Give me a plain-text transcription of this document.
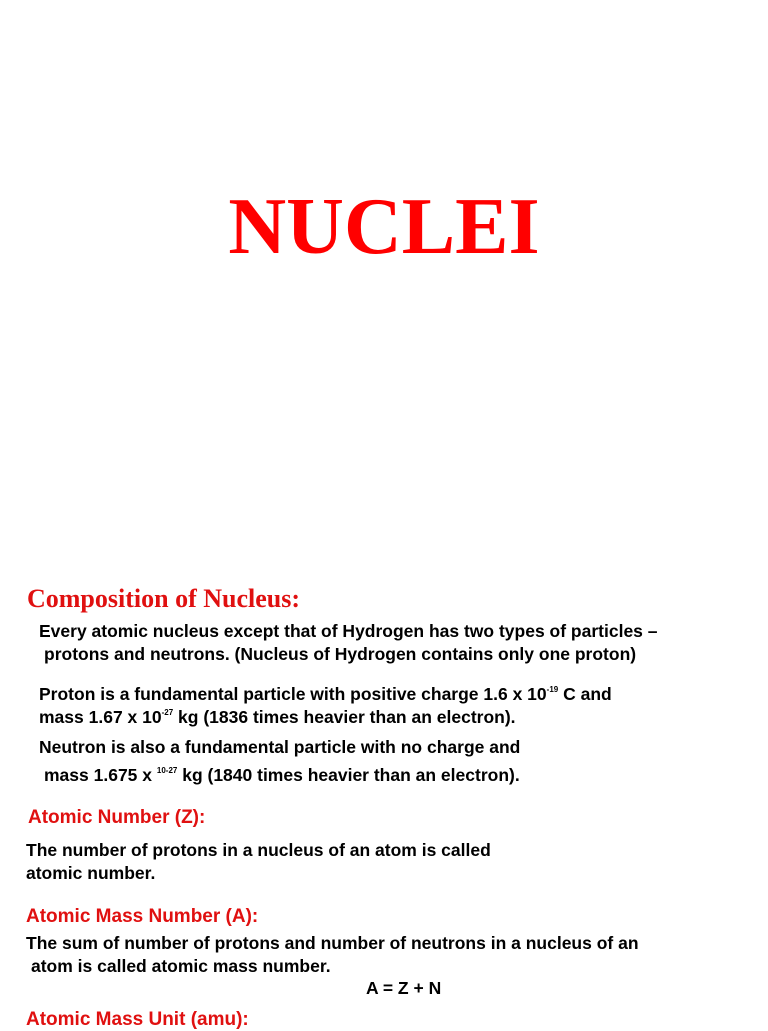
NUCLEI
Composition of Nucleus:
Every atomic nucleus except that of Hydrogen has two types of particles –
protons and neutrons. (Nucleus of Hydrogen contains only one proton)
Proton is a fundamental particle with positive charge 1.6 x $10^{-19}$ C and
mass 1.67 x $10^{-27}$ kg (1836 times heavier than an electron).
Neutron is also a fundamental particle with no charge and
mass 1.675 x $^{10-27}$ kg (1840 times heavier than an electron).
Atomic Number (Z):
The number of protons in a nucleus of an atom is called
atomic number.
Atomic Mass Number (A):
The sum of number of protons and number of neutrons in a nucleus of an
atom is called atomic mass number.
A = Z + N
Atomic Mass Unit (amu):
